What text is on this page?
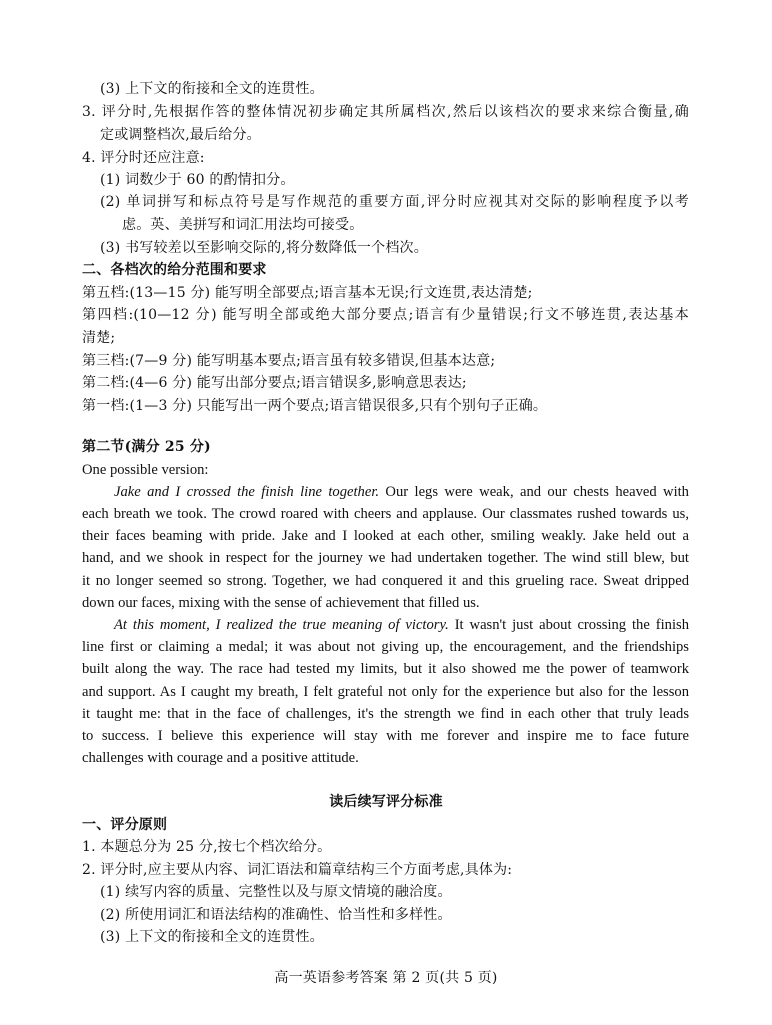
(3) 上下文的衔接和全文的连贯性。
3. 评分时,先根据作答的整体情况初步确定其所属档次,然后以该档次的要求来综合衡量,确
定或调整档次,最后给分。
4. 评分时还应注意:
(1) 词数少于 60 的酌情扣分。
(2) 单词拼写和标点符号是写作规范的重要方面,评分时应视其对交际的影响程度予以考
虑。英、美拼写和词汇用法均可接受。
(3) 书写较差以至影响交际的,将分数降低一个档次。
二、各档次的给分范围和要求
第五档:(13—15 分) 能写明全部要点;语言基本无误;行文连贯,表达清楚;
第四档:(10—12 分) 能写明全部或绝大部分要点;语言有少量错误;行文不够连贯,表达基本
清楚;
第三档:(7—9 分) 能写明基本要点;语言虽有较多错误,但基本达意;
第二档:(4—6 分) 能写出部分要点;语言错误多,影响意思表达;
第一档:(1—3 分) 只能写出一两个要点;语言错误很多,只有个别句子正确。
第二节(满分 25 分)
One possible version:
Jake and I crossed the finish line together. Our legs were weak, and our chests heaved with
each breath we took. The crowd roared with cheers and applause. Our classmates rushed towards us,
their faces beaming with pride. Jake and I looked at each other, smiling weakly. Jake held out a
hand, and we shook in respect for the journey we had undertaken together. The wind still blew, but
it no longer seemed so strong. Together, we had conquered it and this grueling race. Sweat dripped
down our faces, mixing with the sense of achievement that filled us.
At this moment, I realized the true meaning of victory. It wasn't just about crossing the finish
line first or claiming a medal; it was about not giving up, the encouragement, and the friendships
built along the way. The race had tested my limits, but it also showed me the power of teamwork
and support. As I caught my breath, I felt grateful not only for the experience but also for the lesson
it taught me: that in the face of challenges, it's the strength we find in each other that truly leads
to success. I believe this experience will stay with me forever and inspire me to face future
challenges with courage and a positive attitude.
读后续写评分标准
一、评分原则
1. 本题总分为 25 分,按七个档次给分。
2. 评分时,应主要从内容、词汇语法和篇章结构三个方面考虑,具体为:
(1) 续写内容的质量、完整性以及与原文情境的融洽度。
(2) 所使用词汇和语法结构的准确性、恰当性和多样性。
(3) 上下文的衔接和全文的连贯性。
高一英语参考答案 第 2 页(共 5 页)
